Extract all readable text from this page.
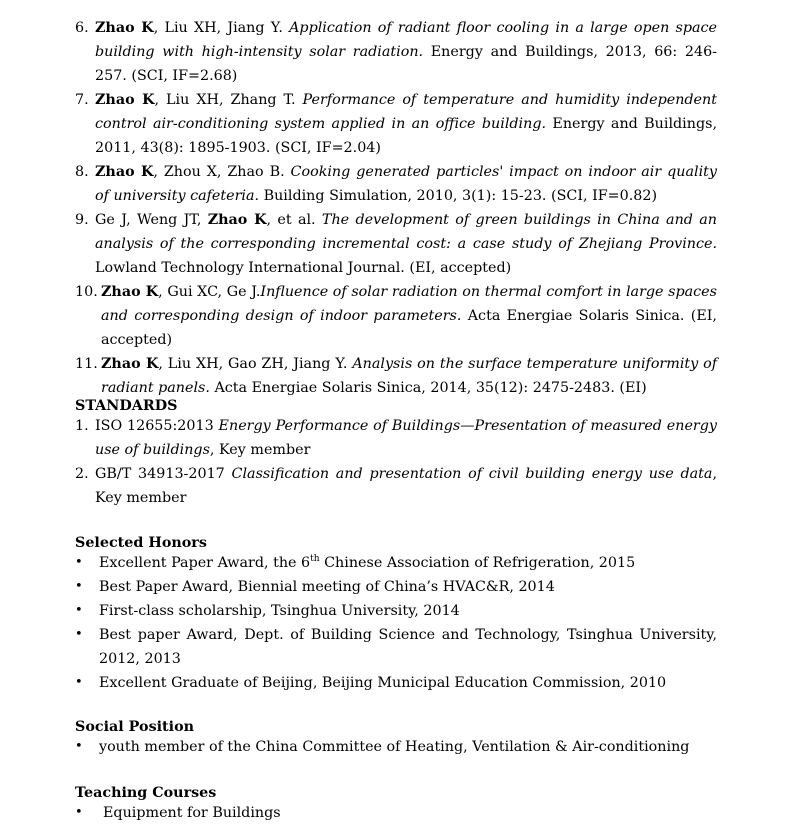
6. Zhao K, Liu XH, Jiang Y. Application of radiant floor cooling in a large open space building with high-intensity solar radiation. Energy and Buildings, 2013, 66: 246-257. (SCI, IF=2.68)
7. Zhao K, Liu XH, Zhang T. Performance of temperature and humidity independent control air-conditioning system applied in an office building. Energy and Buildings, 2011, 43(8): 1895-1903. (SCI, IF=2.04)
8. Zhao K, Zhou X, Zhao B. Cooking generated particles' impact on indoor air quality of university cafeteria. Building Simulation, 2010, 3(1): 15-23. (SCI, IF=0.82)
9. Ge J, Weng JT, Zhao K, et al. The development of green buildings in China and an analysis of the corresponding incremental cost: a case study of Zhejiang Province. Lowland Technology International Journal. (EI, accepted)
10. Zhao K, Gui XC, Ge J.Influence of solar radiation on thermal comfort in large spaces and corresponding design of indoor parameters. Acta Energiae Solaris Sinica. (EI, accepted)
11. Zhao K, Liu XH, Gao ZH, Jiang Y. Analysis on the surface temperature uniformity of radiant panels. Acta Energiae Solaris Sinica, 2014, 35(12): 2475-2483. (EI)
STANDARDS
1. ISO 12655:2013 Energy Performance of Buildings—Presentation of measured energy use of buildings, Key member
2. GB/T 34913-2017 Classification and presentation of civil building energy use data, Key member
Selected Honors
•	Excellent Paper Award, the 6th Chinese Association of Refrigeration, 2015
•	Best Paper Award, Biennial meeting of China’s HVAC&R, 2014
•	First-class scholarship, Tsinghua University, 2014
•	Best paper Award, Dept. of Building Science and Technology, Tsinghua University, 2012, 2013
•	Excellent Graduate of Beijing, Beijing Municipal Education Commission, 2010
Social Position
•	youth member of the China Committee of Heating, Ventilation & Air-conditioning
Teaching Courses
•	Equipment for Buildings
